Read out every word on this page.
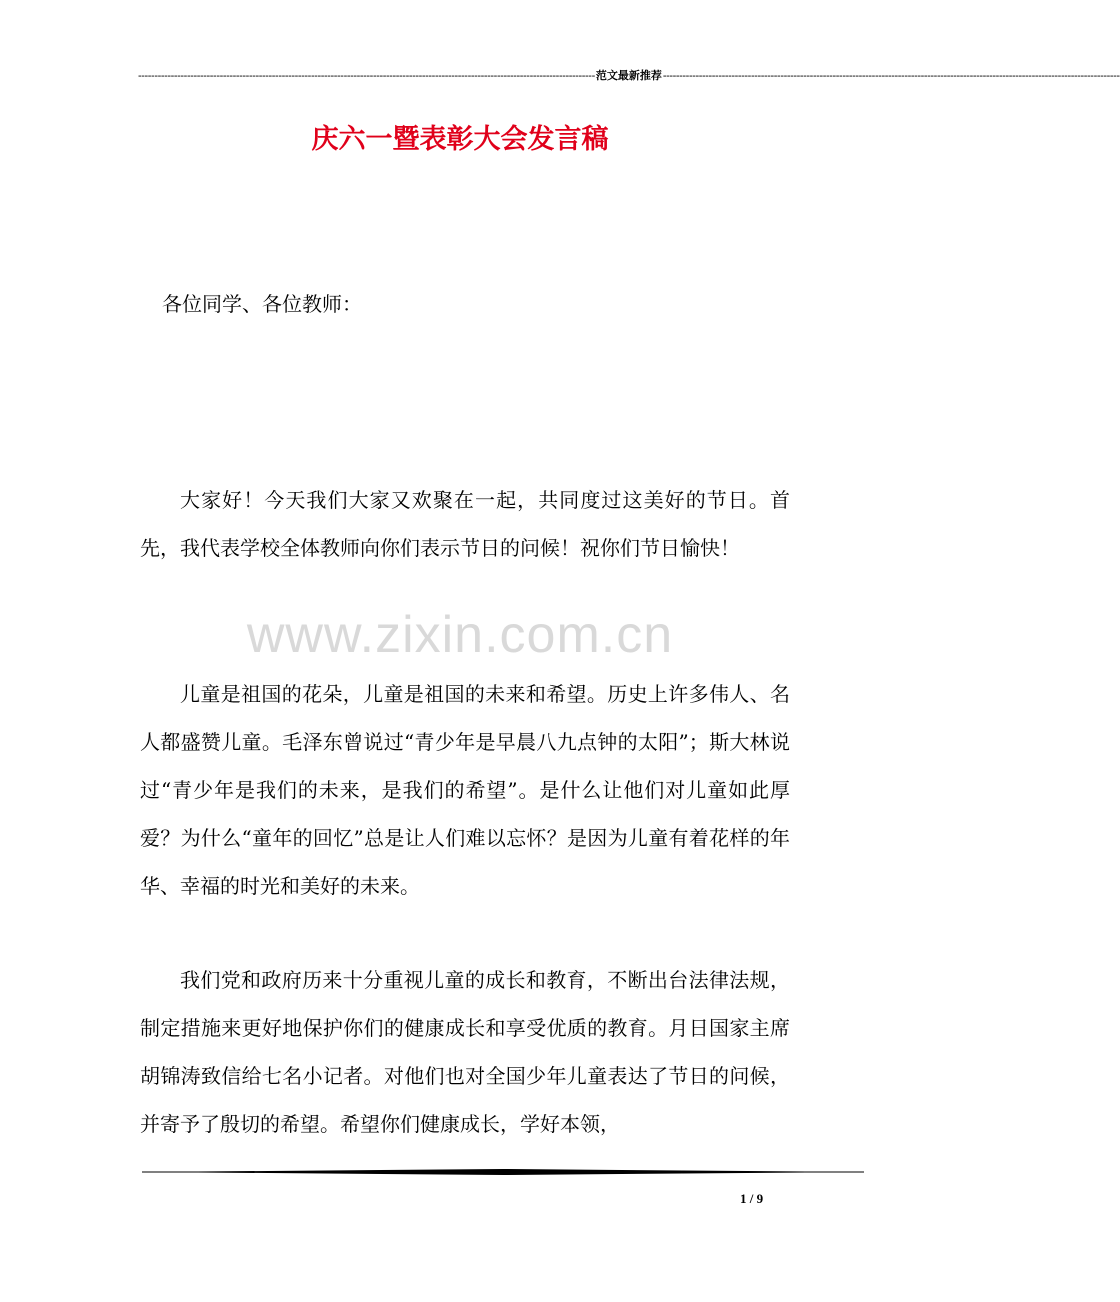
-------------------------------------------------------------------------------------------------------------------------------------------- 范文最新推荐 --------------------------------------------------------------------------------------------------------------------------------------------
庆六一暨表彰大会发言稿
各位同学、各位教师：
www.zixin.com.cn

大家好！今天我们大家又欢聚在一起，共同度过这美好的节日。首先，我代表学校全体教师向你们表示节日的问候！祝你们节日愉快！

儿童是祖国的花朵，儿童是祖国的未来和希望。历史上许多伟人、名人都盛赞儿童。毛泽东曾说过“青少年是早晨八九点钟的太阳”；斯大林说过“青少年是我们的未来，是我们的希望”。是什么让他们对儿童如此厚爱？为什么“童年的回忆”总是让人们难以忘怀？是因为儿童有着花样的年华、幸福的时光和美好的未来。

我们党和政府历来十分重视儿童的成长和教育，不断出台法律法规，制定措施来更好地保护你们的健康成长和享受优质的教育。月日国家主席胡锦涛致信给七名小记者。对他们也对全国少年儿童表达了节日的问候，并寄予了殷切的希望。希望你们健康成长，学好本领，

1 / 9
